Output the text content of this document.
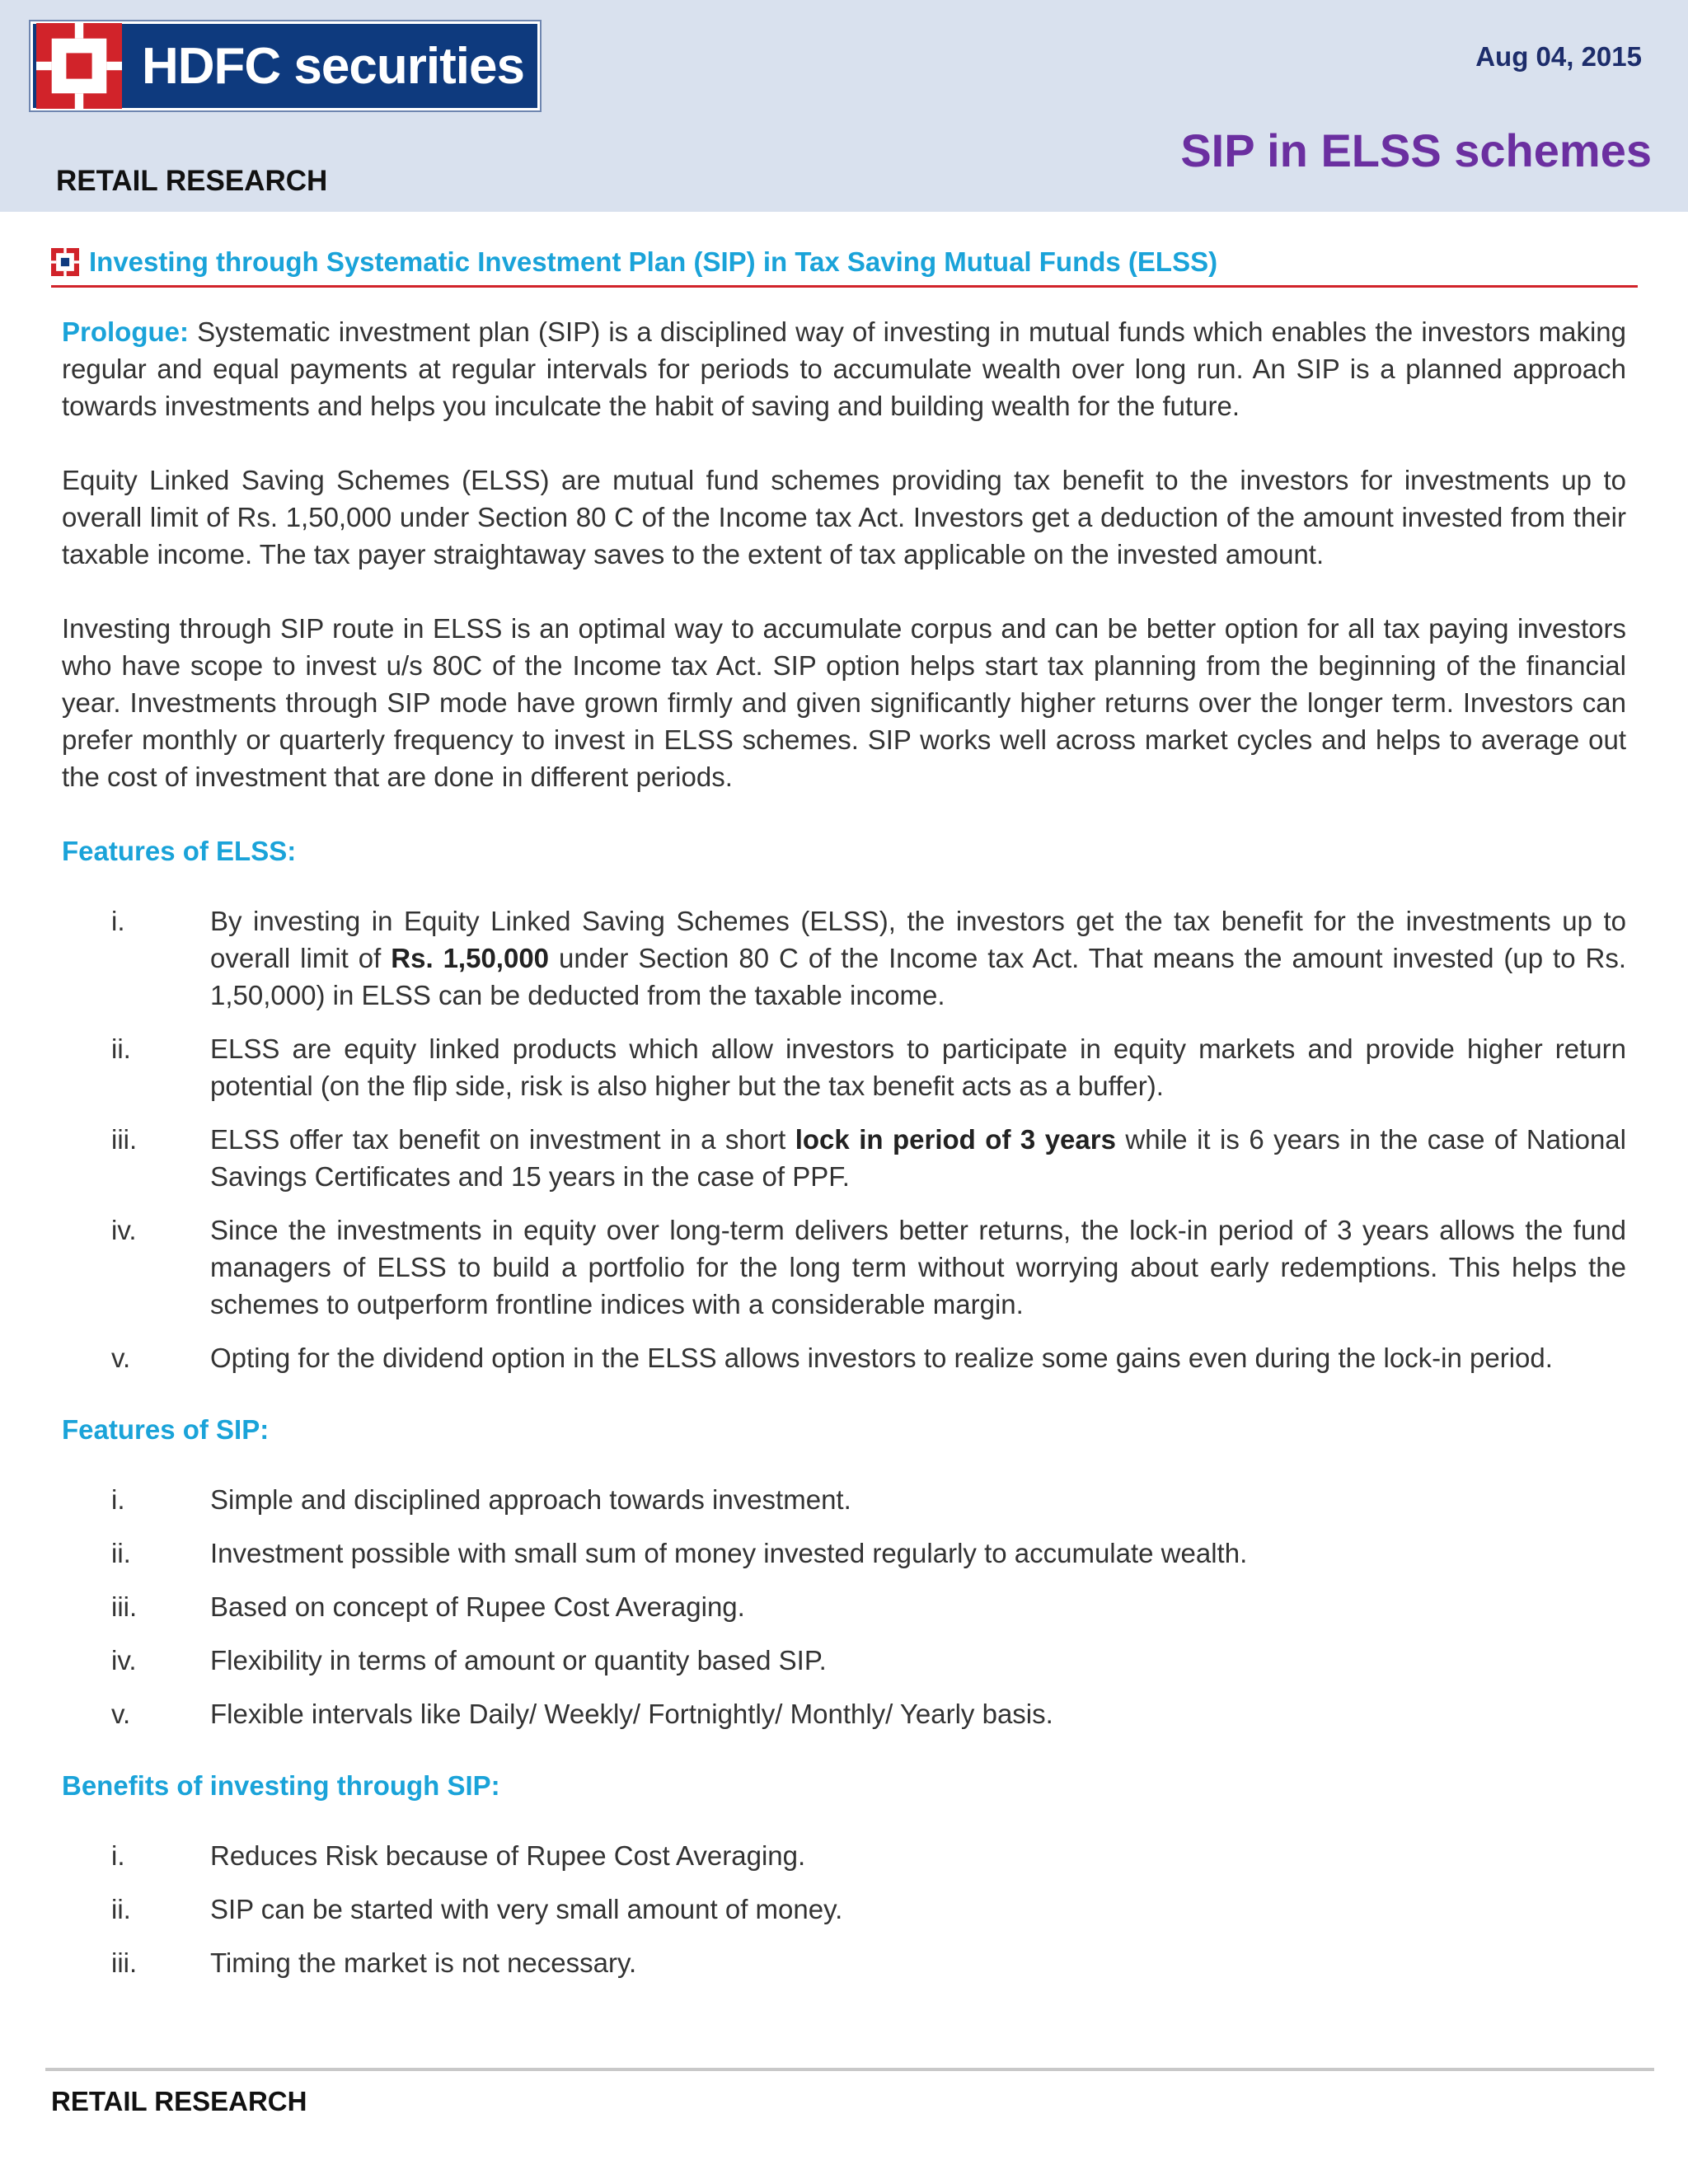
HDFC securities	Aug 04, 2015
SIP in ELSS schemes
RETAIL RESEARCH
Investing through Systematic Investment Plan (SIP) in Tax Saving Mutual Funds (ELSS)

Prologue: Systematic investment plan (SIP) is a disciplined way of investing in mutual funds which enables the investors making regular and equal payments at regular intervals for periods to accumulate wealth over long run. An SIP is a planned approach towards investments and helps you inculcate the habit of saving and building wealth for the future.

Equity Linked Saving Schemes (ELSS) are mutual fund schemes providing tax benefit to the investors for investments up to overall limit of Rs. 1,50,000 under Section 80 C of the Income tax Act. Investors get a deduction of the amount invested from their taxable income. The tax payer straightaway saves to the extent of tax applicable on the invested amount.

Investing through SIP route in ELSS is an optimal way to accumulate corpus and can be better option for all tax paying investors who have scope to invest u/s 80C of the Income tax Act. SIP option helps start tax planning from the beginning of the financial year. Investments through SIP mode have grown firmly and given significantly higher returns over the longer term. Investors can prefer monthly or quarterly frequency to invest in ELSS schemes. SIP works well across market cycles and helps to average out the cost of investment that are done in different periods.

Features of ELSS:
i.	By investing in Equity Linked Saving Schemes (ELSS), the investors get the tax benefit for the investments up to overall limit of Rs. 1,50,000 under Section 80 C of the Income tax Act. That means the amount invested (up to Rs. 1,50,000) in ELSS can be deducted from the taxable income.
ii.	ELSS are equity linked products which allow investors to participate in equity markets and provide higher return potential (on the flip side, risk is also higher but the tax benefit acts as a buffer).
iii.	ELSS offer tax benefit on investment in a short lock in period of 3 years while it is 6 years in the case of National Savings Certificates and 15 years in the case of PPF.
iv.	Since the investments in equity over long-term delivers better returns, the lock-in period of 3 years allows the fund managers of ELSS to build a portfolio for the long term without worrying about early redemptions. This helps the schemes to outperform frontline indices with a considerable margin.
v.	Opting for the dividend option in the ELSS allows investors to realize some gains even during the lock-in period.
Features of SIP:
i.	Simple and disciplined approach towards investment.
ii.	Investment possible with small sum of money invested regularly to accumulate wealth.
iii.	Based on concept of Rupee Cost Averaging.
iv.	Flexibility in terms of amount or quantity based SIP.
v.	Flexible intervals like Daily/ Weekly/ Fortnightly/ Monthly/ Yearly basis.
Benefits of investing through SIP:
i.	Reduces Risk because of Rupee Cost Averaging.
ii.	SIP can be started with very small amount of money.
iii.	Timing the market is not necessary.
RETAIL RESEARCH
